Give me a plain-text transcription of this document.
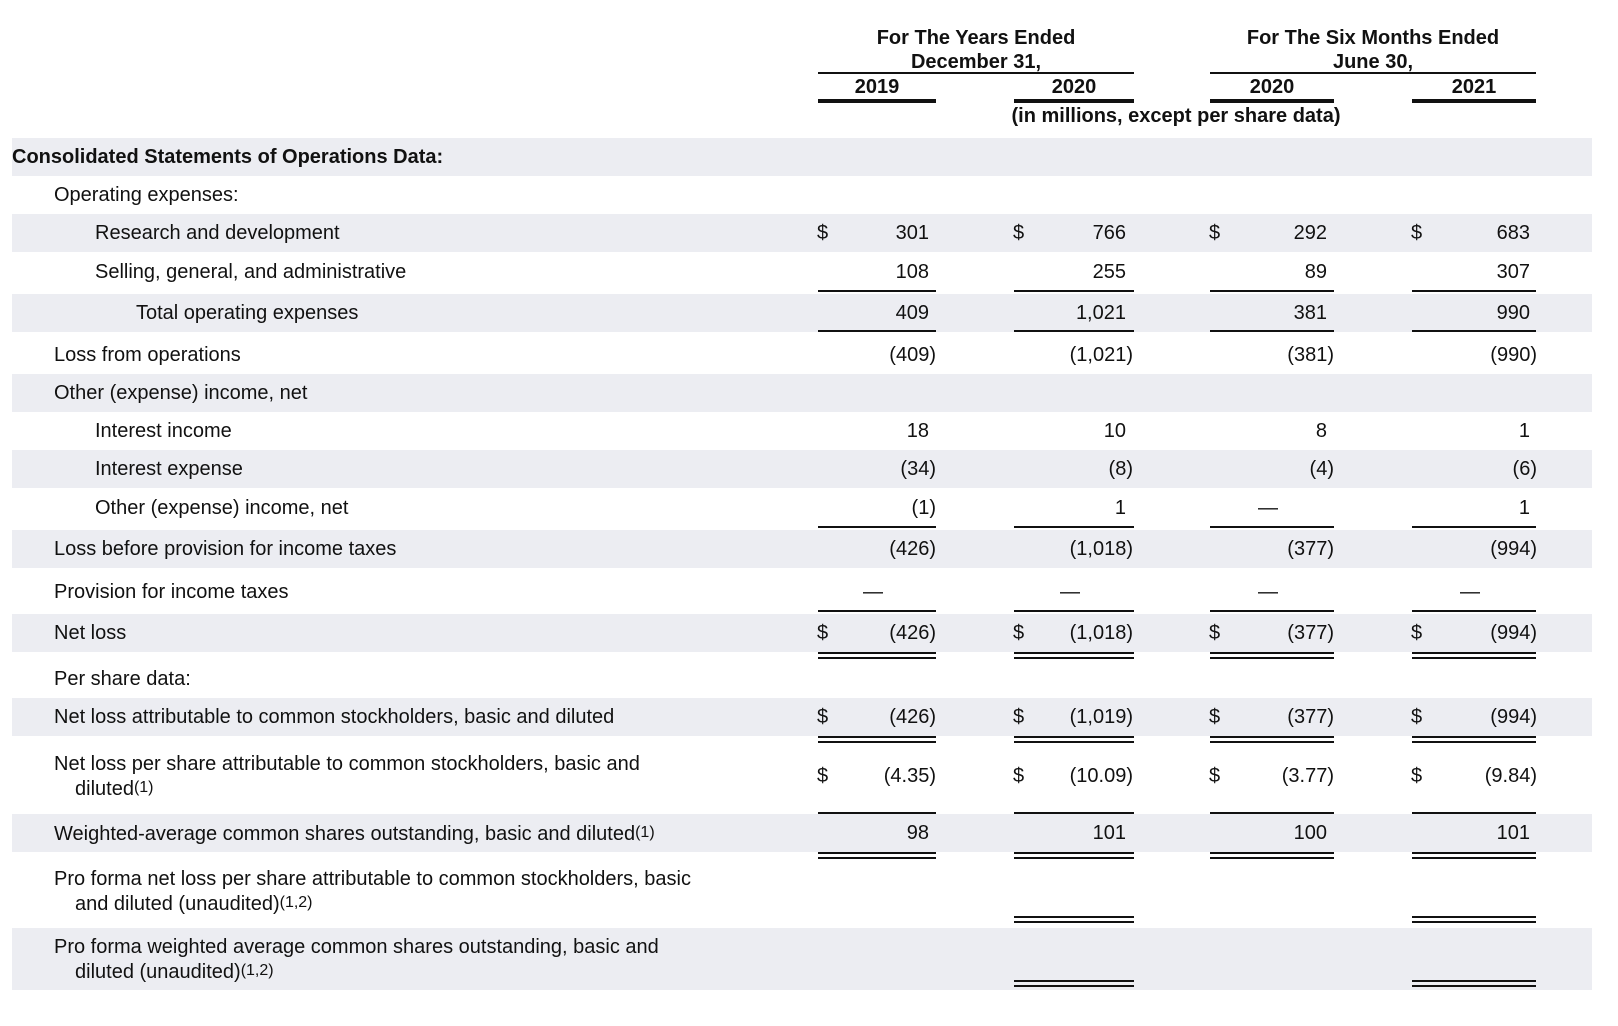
For The Years Ended
December 31,
For The Six Months Ended
June 30,
2019	2020	2020	2021
(in millions, except per share data)
Consolidated Statements of Operations Data:
Operating expenses:
Research and development	$	301	$	766	$	292	$	683
Selling, general, and administrative	108	255	89	307
Total operating expenses	409	1,021	381	990
Loss from operations	(409)	(1,021)	(381)	(990)
Other (expense) income, net
Interest income	18	10	8	1
Interest expense	(34)	(8)	(4)	(6)
Other (expense) income, net	(1)	1	—	1
Loss before provision for income taxes	(426)	(1,018)	(377)	(994)
Provision for income taxes	—	—	—	—
Net loss	$	(426)	$	(1,018)	$	(377)	$	(994)
Per share data:
Net loss attributable to common stockholders, basic and diluted	$	(426)	$	(1,019)	$	(377)	$	(994)
Net loss per share attributable to common stockholders, basic and
diluted(1)
$	(4.35)	$	(10.09)	$	(3.77)	$	(9.84)
Weighted-average common shares outstanding, basic and diluted(1)	98	101	100	101
Pro forma net loss per share attributable to common stockholders, basic
and diluted (unaudited)(1,2)
Pro forma weighted average common shares outstanding, basic and
diluted (unaudited)(1,2)
